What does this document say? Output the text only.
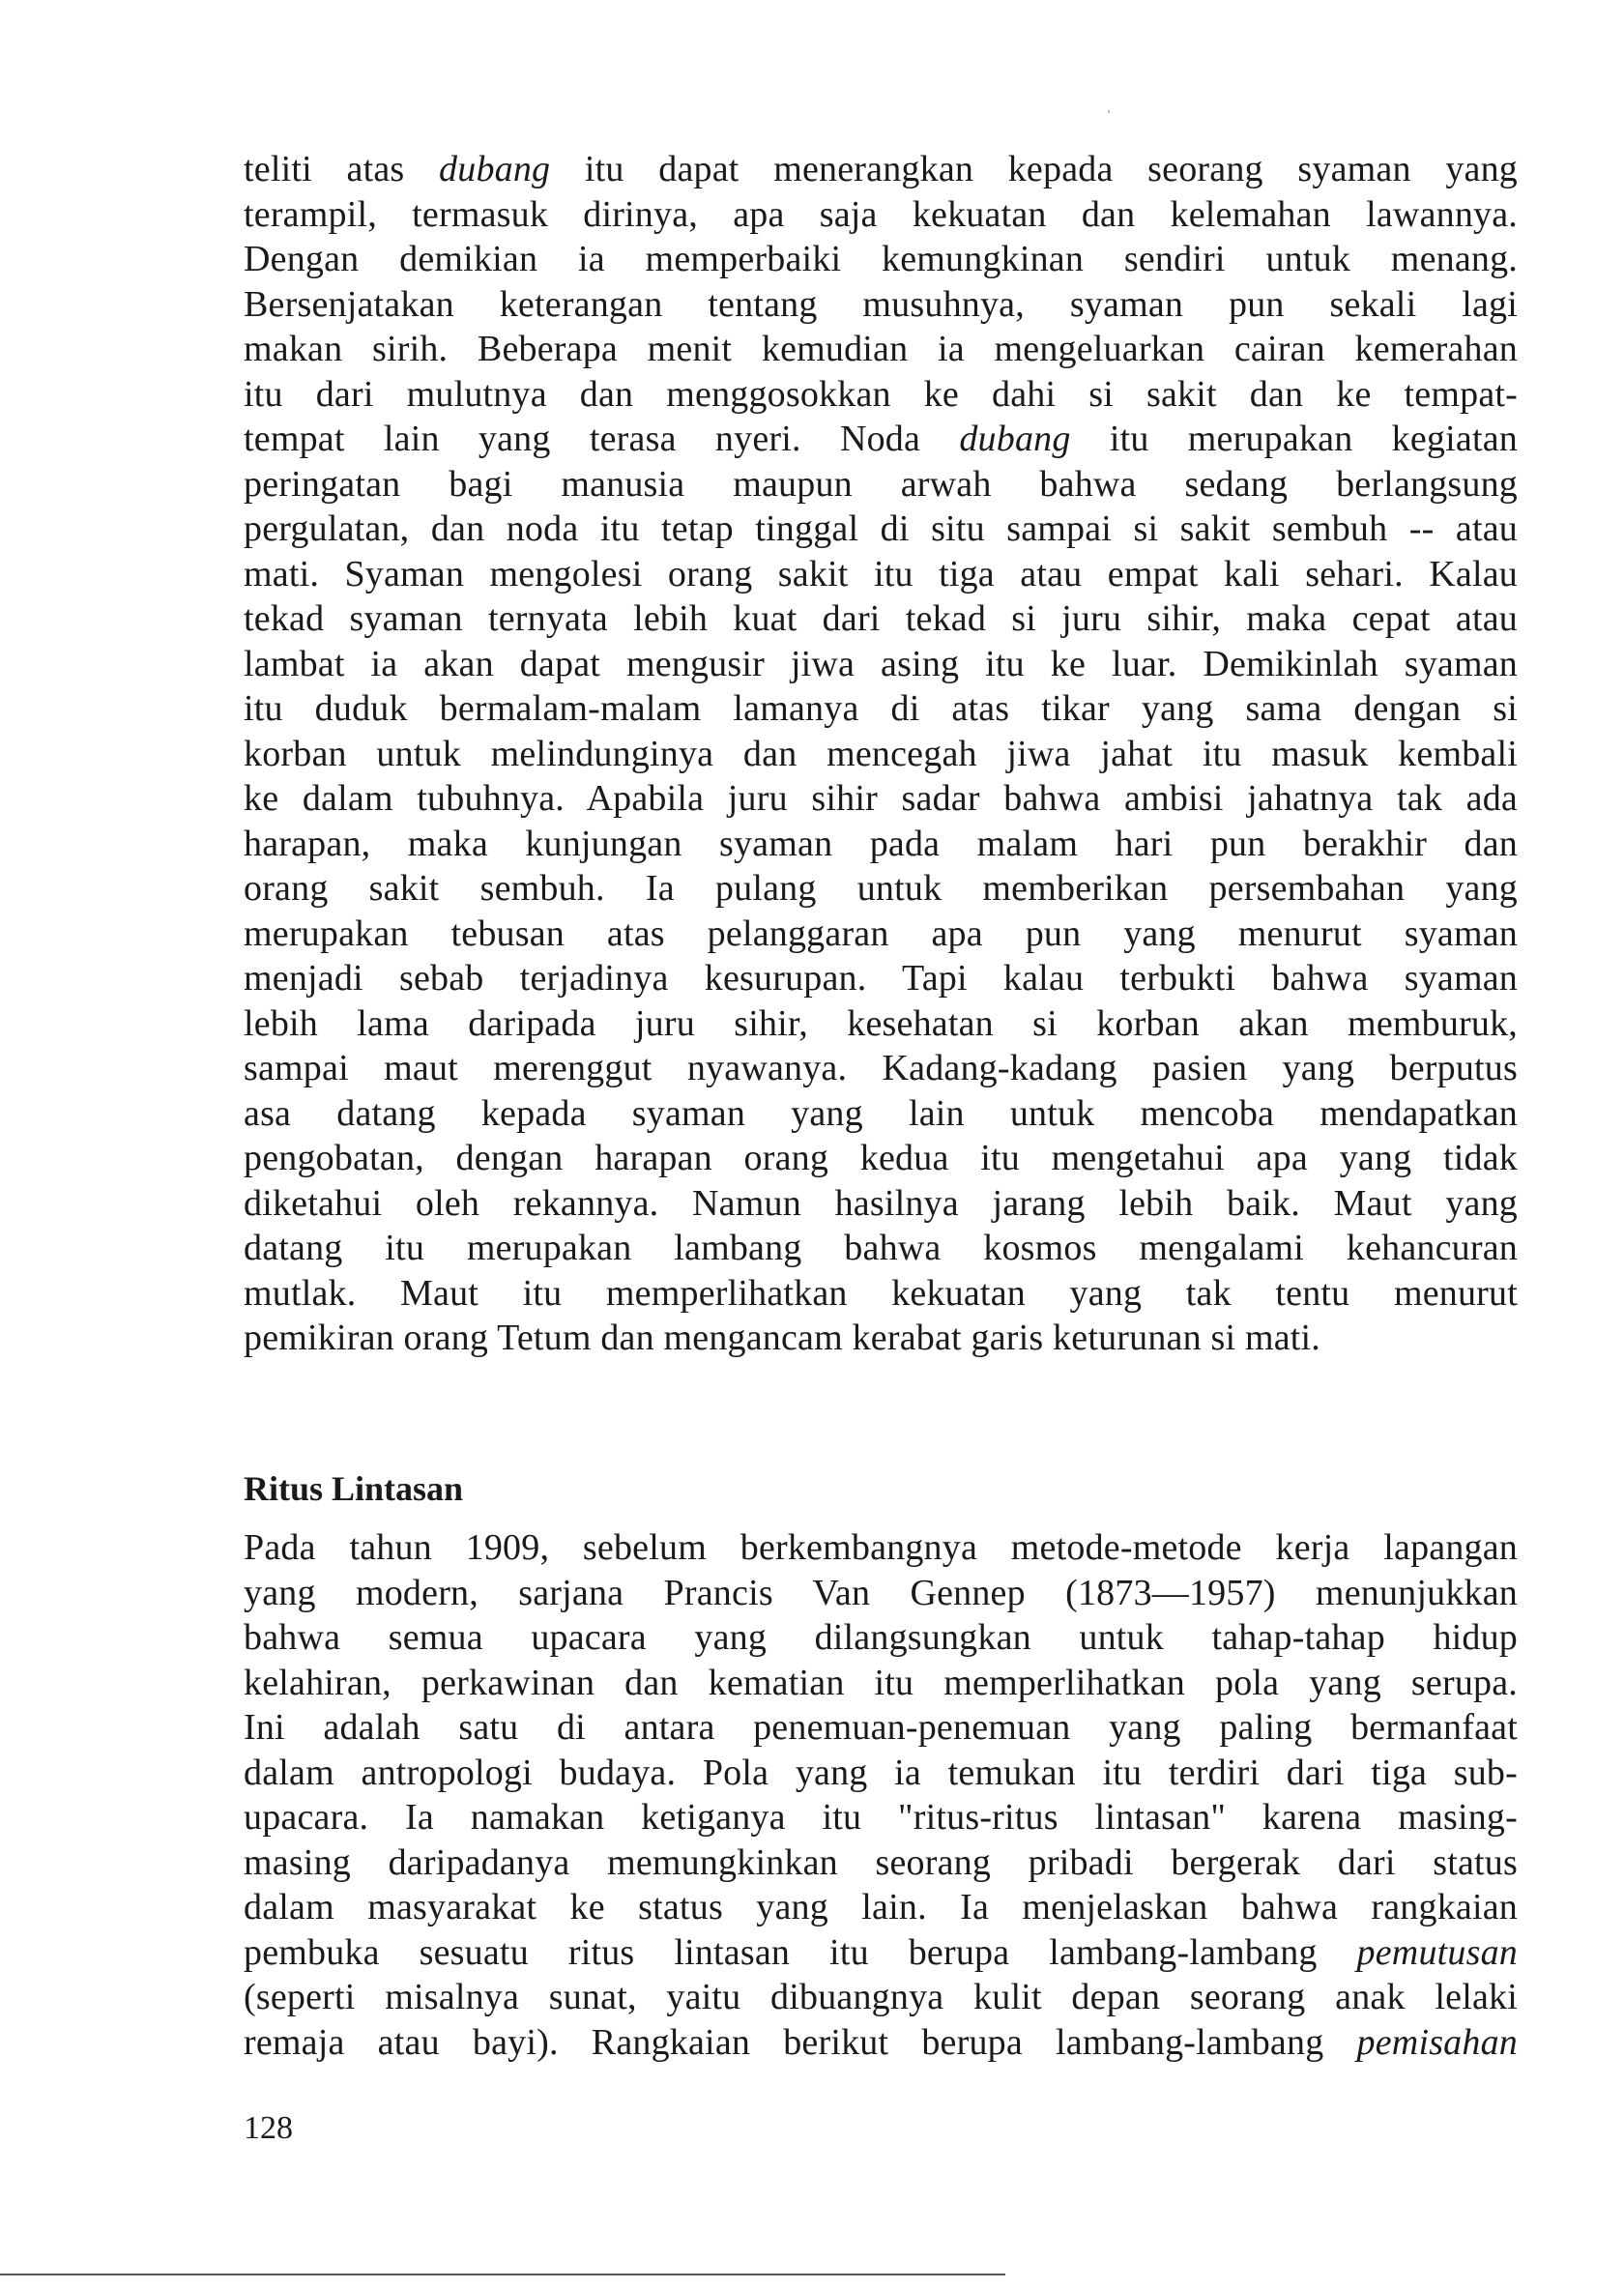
teliti atas dubang itu dapat menerangkan kepada seorang syaman yang
terampil, termasuk dirinya, apa saja kekuatan dan kelemahan lawannya.
Dengan demikian ia memperbaiki kemungkinan sendiri untuk menang.
Bersenjatakan keterangan tentang musuhnya, syaman pun sekali lagi
makan sirih. Beberapa menit kemudian ia mengeluarkan cairan kemerahan
itu dari mulutnya dan menggosokkan ke dahi si sakit dan ke tempat-
tempat lain yang terasa nyeri. Noda dubang itu merupakan kegiatan
peringatan bagi manusia maupun arwah bahwa sedang berlangsung
pergulatan, dan noda itu tetap tinggal di situ sampai si sakit sembuh -- atau
mati. Syaman mengolesi orang sakit itu tiga atau empat kali sehari. Kalau
tekad syaman ternyata lebih kuat dari tekad si juru sihir, maka cepat atau
lambat ia akan dapat mengusir jiwa asing itu ke luar. Demikinlah syaman
itu duduk bermalam-malam lamanya di atas tikar yang sama dengan si
korban untuk melindunginya dan mencegah jiwa jahat itu masuk kembali
ke dalam tubuhnya. Apabila juru sihir sadar bahwa ambisi jahatnya tak ada
harapan, maka kunjungan syaman pada malam hari pun berakhir dan
orang sakit sembuh. Ia pulang untuk memberikan persembahan yang
merupakan tebusan atas pelanggaran apa pun yang menurut syaman
menjadi sebab terjadinya kesurupan. Tapi kalau terbukti bahwa syaman
lebih lama daripada juru sihir, kesehatan si korban akan memburuk,
sampai maut merenggut nyawanya. Kadang-kadang pasien yang berputus
asa datang kepada syaman yang lain untuk mencoba mendapatkan
pengobatan, dengan harapan orang kedua itu mengetahui apa yang tidak
diketahui oleh rekannya. Namun hasilnya jarang lebih baik. Maut yang
datang itu merupakan lambang bahwa kosmos mengalami kehancuran
mutlak. Maut itu memperlihatkan kekuatan yang tak tentu menurut
pemikiran orang Tetum dan mengancam kerabat garis keturunan si mati.
Ritus Lintasan
Pada tahun 1909, sebelum berkembangnya metode-metode kerja lapangan
yang modern, sarjana Prancis Van Gennep (1873—1957) menunjukkan
bahwa semua upacara yang dilangsungkan untuk tahap-tahap hidup
kelahiran, perkawinan dan kematian itu memperlihatkan pola yang serupa.
Ini adalah satu di antara penemuan-penemuan yang paling bermanfaat
dalam antropologi budaya. Pola yang ia temukan itu terdiri dari tiga sub-
upacara. Ia namakan ketiganya itu "ritus-ritus lintasan" karena masing-
masing daripadanya memungkinkan seorang pribadi bergerak dari status
dalam masyarakat ke status yang lain. Ia menjelaskan bahwa rangkaian
pembuka sesuatu ritus lintasan itu berupa lambang-lambang pemutusan
(seperti misalnya sunat, yaitu dibuangnya kulit depan seorang anak lelaki
remaja atau bayi). Rangkaian berikut berupa lambang-lambang pemisahan
128
